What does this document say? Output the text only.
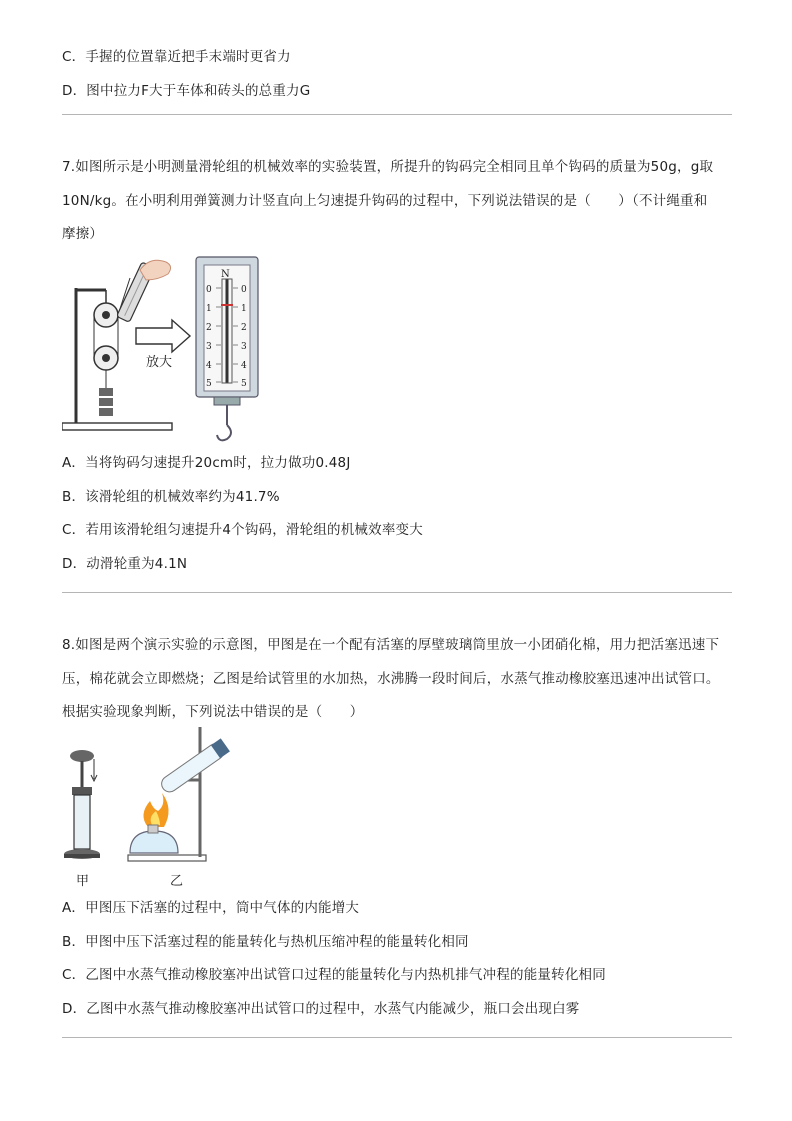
C．手握的位置靠近把手末端时更省力
D．图中拉力F大于车体和砖头的总重力G
7.如图所示是小明测量滑轮组的机械效率的实验装置，所提升的钩码完全相同且单个钩码的质量为50g，g取
10N/kg。在小明利用弹簧测力计竖直向上匀速提升钩码的过程中，下列说法错误的是（　　）（不计绳重和
摩擦）
放大
N
0
1
2
3
4
5
0
1
2
3
4
5
A．当将钩码匀速提升20cm时，拉力做功0.48J
B．该滑轮组的机械效率约为41.7%
C．若用该滑轮组匀速提升4个钩码，滑轮组的机械效率变大
D．动滑轮重为4.1N
8.如图是两个演示实验的示意图，甲图是在一个配有活塞的厚壁玻璃筒里放一小团硝化棉，用力把活塞迅速下
压，棉花就会立即燃烧；乙图是给试管里的水加热，水沸腾一段时间后，水蒸气推动橡胶塞迅速冲出试管口。
根据实验现象判断，下列说法中错误的是（　　）
甲	乙
A．甲图压下活塞的过程中，筒中气体的内能增大
B．甲图中压下活塞过程的能量转化与热机压缩冲程的能量转化相同
C．乙图中水蒸气推动橡胶塞冲出试管口过程的能量转化与内热机排气冲程的能量转化相同
D．乙图中水蒸气推动橡胶塞冲出试管口的过程中，水蒸气内能减少，瓶口会出现白雾
